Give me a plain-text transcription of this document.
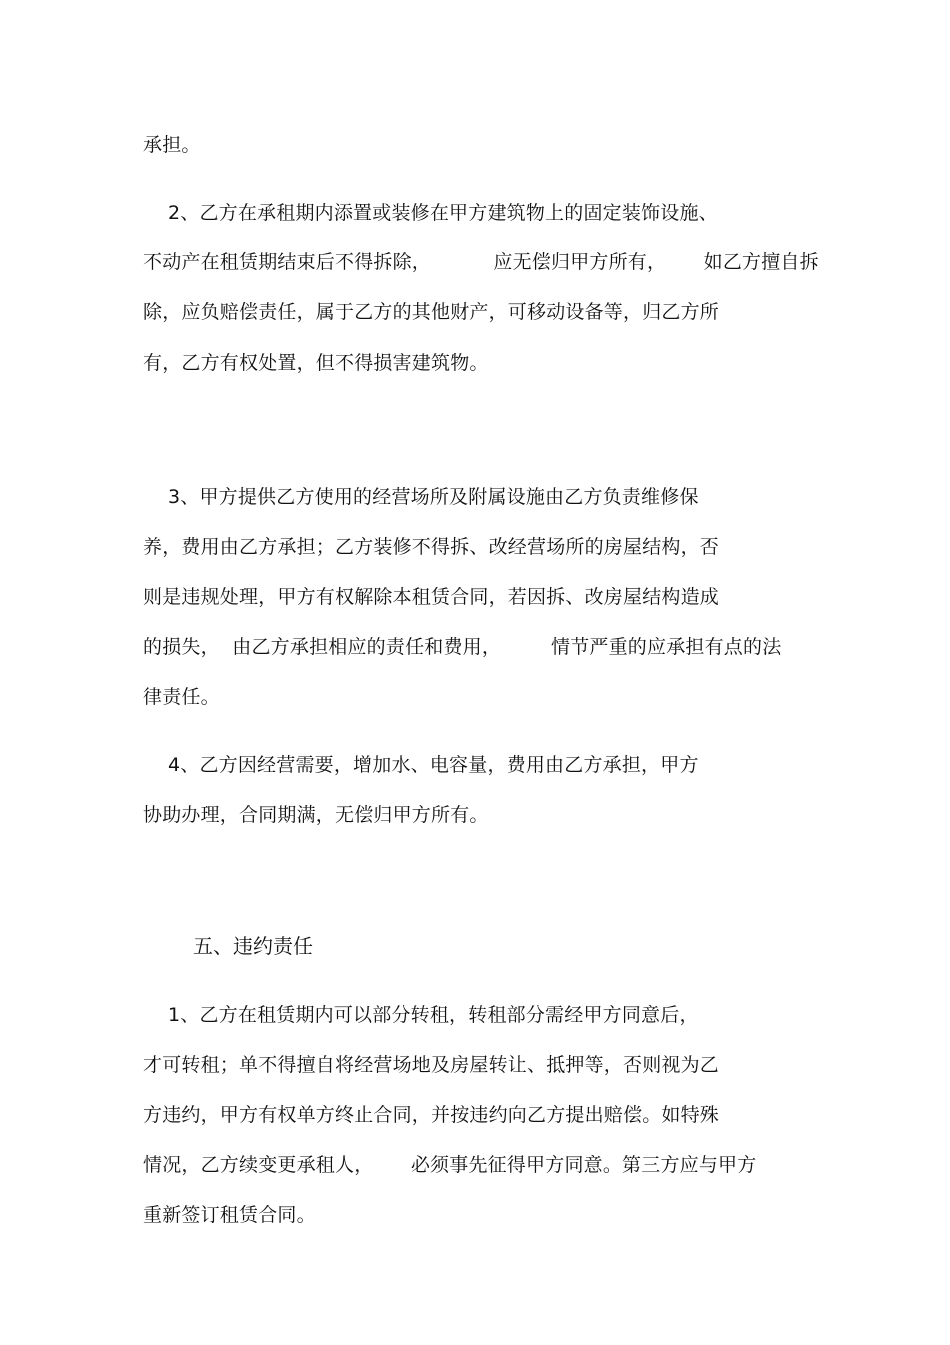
承担。
2、乙方在承租期内添置或装修在甲方建筑物上的固定装饰设施、
不动产在租赁期结束后不得拆除，          应无偿归甲方所有，      如乙方擅自拆
除，应负赔偿责任，属于乙方的其他财产，可移动设备等，归乙方所
有，乙方有权处置，但不得损害建筑物。
3、甲方提供乙方使用的经营场所及附属设施由乙方负责维修保
养，费用由乙方承担；乙方装修不得拆、改经营场所的房屋结构，否
则是违规处理，甲方有权解除本租赁合同，若因拆、改房屋结构造成
的损失，  由乙方承担相应的责任和费用，        情节严重的应承担有点的法
律责任。
4、乙方因经营需要，增加水、电容量，费用由乙方承担，甲方
协助办理，合同期满，无偿归甲方所有。
五、违约责任
1、乙方在租赁期内可以部分转租，转租部分需经甲方同意后，
才可转租；单不得擅自将经营场地及房屋转让、抵押等，否则视为乙
方违约，甲方有权单方终止合同，并按违约向乙方提出赔偿。如特殊
情况，乙方续变更承租人，      必须事先征得甲方同意。第三方应与甲方
重新签订租赁合同。
